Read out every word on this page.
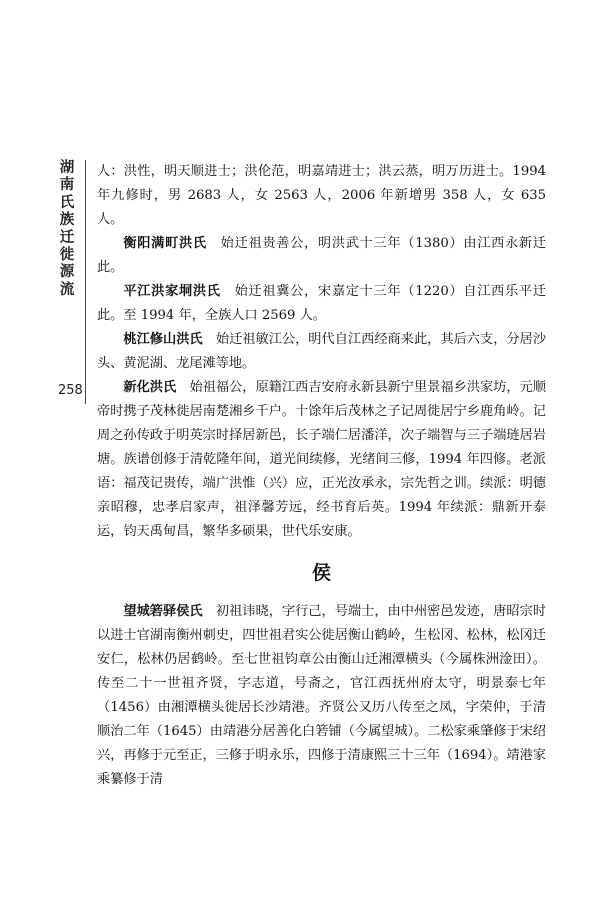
湖南氏族迁徙源流
258

人：洪性，明天顺进士；洪伦范，明嘉靖进士；洪云蒸，明万历进士。1994 年九修时，男 2683 人，女 2563 人，2006 年新增男 358 人，女 635 人。

衡阳满町洪氏　 始迁祖贵善公，明洪武十三年（1380）由江西永新迁此。

平江洪家垌洪氏　 始迁祖冀公，宋嘉定十三年（1220）自江西乐平迁此。至 1994 年，全族人口 2569 人。

桃江修山洪氏　 始迁祖敏江公，明代自江西经商来此，其后六支，分居沙头、黄泥湖、龙尾滩等地。

新化洪氏　 始祖福公，原籍江西吉安府永新县新宁里景福乡洪家坊，元顺帝时携子茂林徙居南楚湘乡千户。十馀年后茂林之子记周徙居宁乡鹿角岭。记周之孙传政于明英宗时择居新邑，长子端仁居潘洋，次子端智与三子端琏居岩塘。族谱创修于清乾隆年间，道光间续修，光绪间三修，1994 年四修。老派语：福茂记贵传，端广洪惟（兴）应，正光汝承永，宗先哲之训。续派：明德亲昭穆，忠孝启家声，祖泽馨芳远，经书育后英。1994 年续派：鼎新开泰运，钧天禹甸昌，繁华多硕果，世代乐安康。

侯

望城箬驿侯氏　 初祖讳晓，字行己，号端士，由中州密邑发迹，唐昭宗时以进士官湖南衡州刺史，四世祖君实公徙居衡山鹤岭，生松冈、松林，松冈迁安仁，松林仍居鹤岭。至七世祖钧章公由衡山迁湘潭横头（今属株洲淦田）。传至二十一世祖齐贤，字志道，号斋之，官江西抚州府太守，明景泰七年（1456）由湘潭横头徙居长沙靖港。齐贤公又历八传至之凤，字荣仲，于清顺治二年（1645）由靖港分居善化白箬铺（今属望城）。二松家乘肇修于宋绍兴，再修于元至正，三修于明永乐，四修于清康熙三十三年（1694）。靖港家乘纂修于清
